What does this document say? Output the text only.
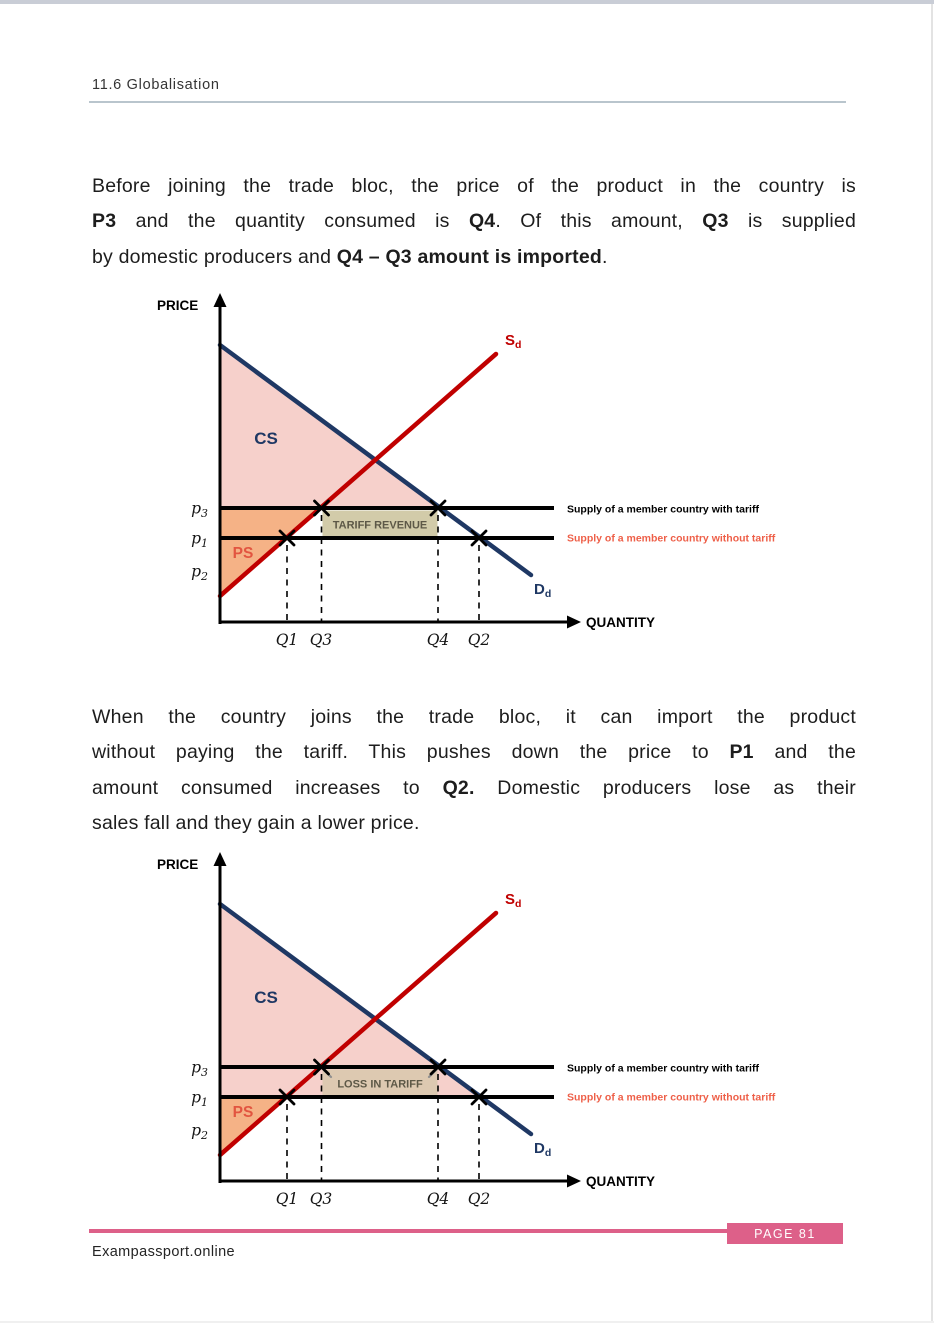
11.6 Globalisation
Before joining the trade bloc, the price of the product in the country is
P3 and the quantity consumed is Q4. Of this amount, Q3 is supplied
by domestic producers and Q4 – Q3 amount is imported.
PRICE
QUANTITY
CS
PS
TARIFF REVENUE
$S_d$
$D_d$
Supply of a member country with tariff
Supply of a member country without tariff
$p_3$
$p_1$
$p_2$
Q1 Q3	Q4 Q2
When the country joins the trade bloc, it can import the product
without paying the tariff. This pushes down the price to P1 and the
amount consumed increases to Q2. Domestic producers lose as their
sales fall and they gain a lower price.
PRICE
QUANTITY
CS
PS
LOSS IN TARIFF
$S_d$
$D_d$
Supply of a member country with tariff
Supply of a member country without tariff
$p_3$
$p_1$
$p_2$
Q1 Q3	Q4 Q2
PAGE 81
Exampassport.online
